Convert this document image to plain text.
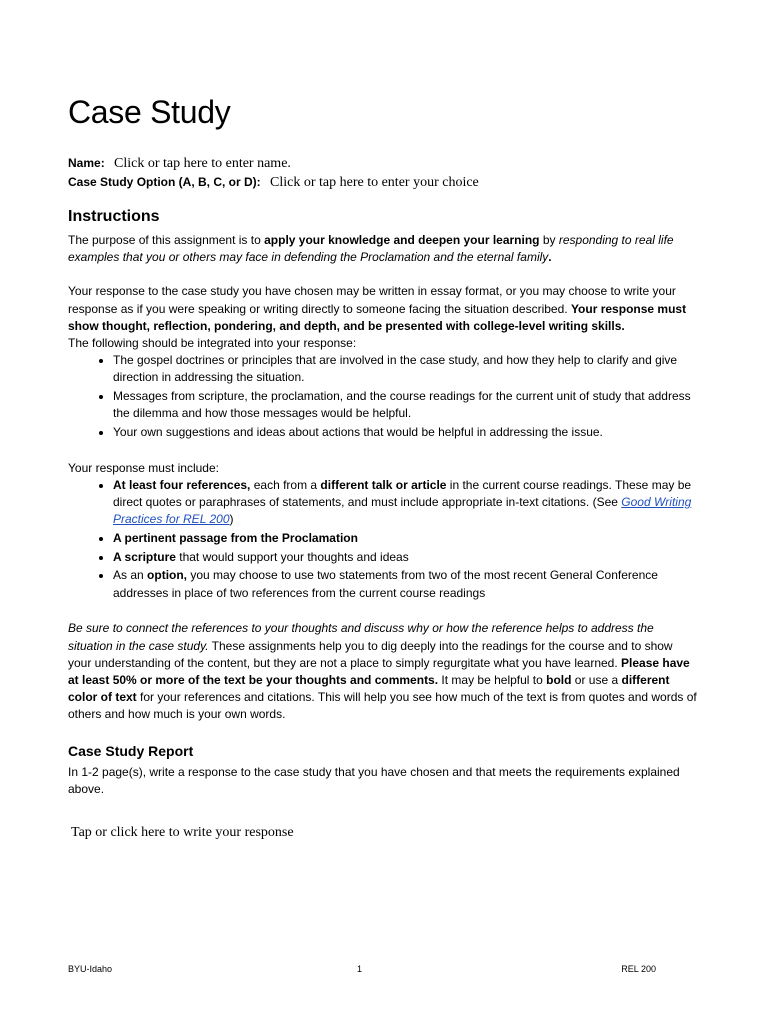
Case Study
Name: Click or tap here to enter name.
Case Study Option (A, B, C, or D): Click or tap here to enter your choice
Instructions

The purpose of this assignment is to apply your knowledge and deepen your learning by responding to real life examples that you or others may face in defending the Proclamation and the eternal family.

Your response to the case study you have chosen may be written in essay format, or you may choose to write your response as if you were speaking or writing directly to someone facing the situation described. Your response must show thought, reflection, pondering, and depth, and be presented with college-level writing skills.

The following should be integrated into your response:

• The gospel doctrines or principles that are involved in the case study, and how they help to clarify and give direction in addressing the situation.
• Messages from scripture, the proclamation, and the course readings for the current unit of study that address the dilemma and how those messages would be helpful.
• Your own suggestions and ideas about actions that would be helpful in addressing the issue.

Your response must include:

• At least four references, each from a different talk or article in the current course readings. These may be direct quotes or paraphrases of statements, and must include appropriate in-text citations. (See Good Writing Practices for REL 200)
• A pertinent passage from the Proclamation
• A scripture that would support your thoughts and ideas
• As an option, you may choose to use two statements from two of the most recent General Conference addresses in place of two references from the current course readings

Be sure to connect the references to your thoughts and discuss why or how the reference helps to address the situation in the case study. These assignments help you to dig deeply into the readings for the course and to show your understanding of the content, but they are not a place to simply regurgitate what you have learned. Please have at least 50% or more of the text be your thoughts and comments. It may be helpful to bold or use a different color of text for your references and citations. This will help you see how much of the text is from quotes and words of others and how much is your own words.

Case Study Report

In 1-2 page(s), write a response to the case study that you have chosen and that meets the requirements explained above.

Tap or click here to write your response
BYU-Idaho	1	REL 200
